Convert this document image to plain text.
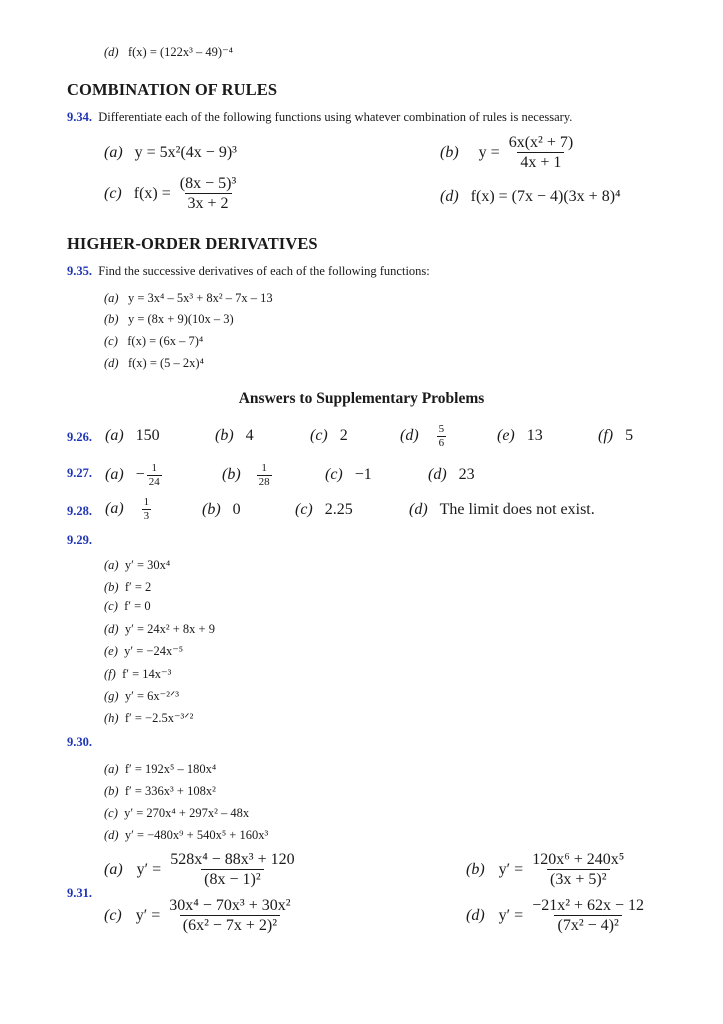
(d) f(x) = (122x³ – 49)⁻⁴
COMBINATION OF RULES
9.34. Differentiate each of the following functions using whatever combination of rules is necessary.
(a) y = 5x²(4x − 9)³	(b) $y = \frac{\text{6x(x² + 7)}}{4x + 1}$
(c) $f(x) = \frac{\text{(8x − 5)³}}{3x + 2}$	(d) f(x) = (7x − 4)(3x + 8)⁴
HIGHER-ORDER DERIVATIVES
9.35. Find the successive derivatives of each of the following functions:
(a) y = 3x⁴ – 5x³ + 8x² – 7x – 13
(b) y = (8x + 9)(10x – 3)
(c) f(x) = (6x – 7)⁴
(d) f(x) = (5 – 2x)⁴
Answers to Supplementary Problems
9.26. (a) 150	(b) 4	(c) 2	$(d) \frac{5}{6}$	(e) 13	(f) 5
9.27. $(a) - \frac{1}{24}$	$(b) \frac{1}{28}$	(c) −1	(d) 23
9.28. $(a) \frac{1}{3}$	(b) 0	(c) 2.25	(d) The limit does not exist.
9.29.
(a) y′ = 30x⁴
(b) f′ = 2
(c) f′ = 0
(d) y′ = 24x² + 8x + 9
(e) y′ = −24x⁻⁵
(f) f′ = 14x⁻³
(g) y′ = 6x⁻²ᐟ³
(h) f′ = −2.5x⁻³ᐟ²
9.30.
(a) f′ = 192x⁵ – 180x⁴
(b) f′ = 336x³ + 108x²
(c) y′ = 270x⁴ + 297x² – 48x
(d) y′ = −480x⁹ + 540x⁵ + 160x³
9.31.
(a) $y' = \frac{\text{528x⁴ − 88x³ + 120}}{\text{(8x − 1)²}}$	(b) $y' = \frac{\text{120x⁶ + 240x⁵}}{\text{(3x + 5)²}}$
(c) $y' = \frac{\text{30x⁴ − 70x³ + 30x²}}{\text{(6x² − 7x + 2)²}}$	(d) $y' = \frac{\text{−21x² + 62x − 12}}{\text{(7x² − 4)²}}$
